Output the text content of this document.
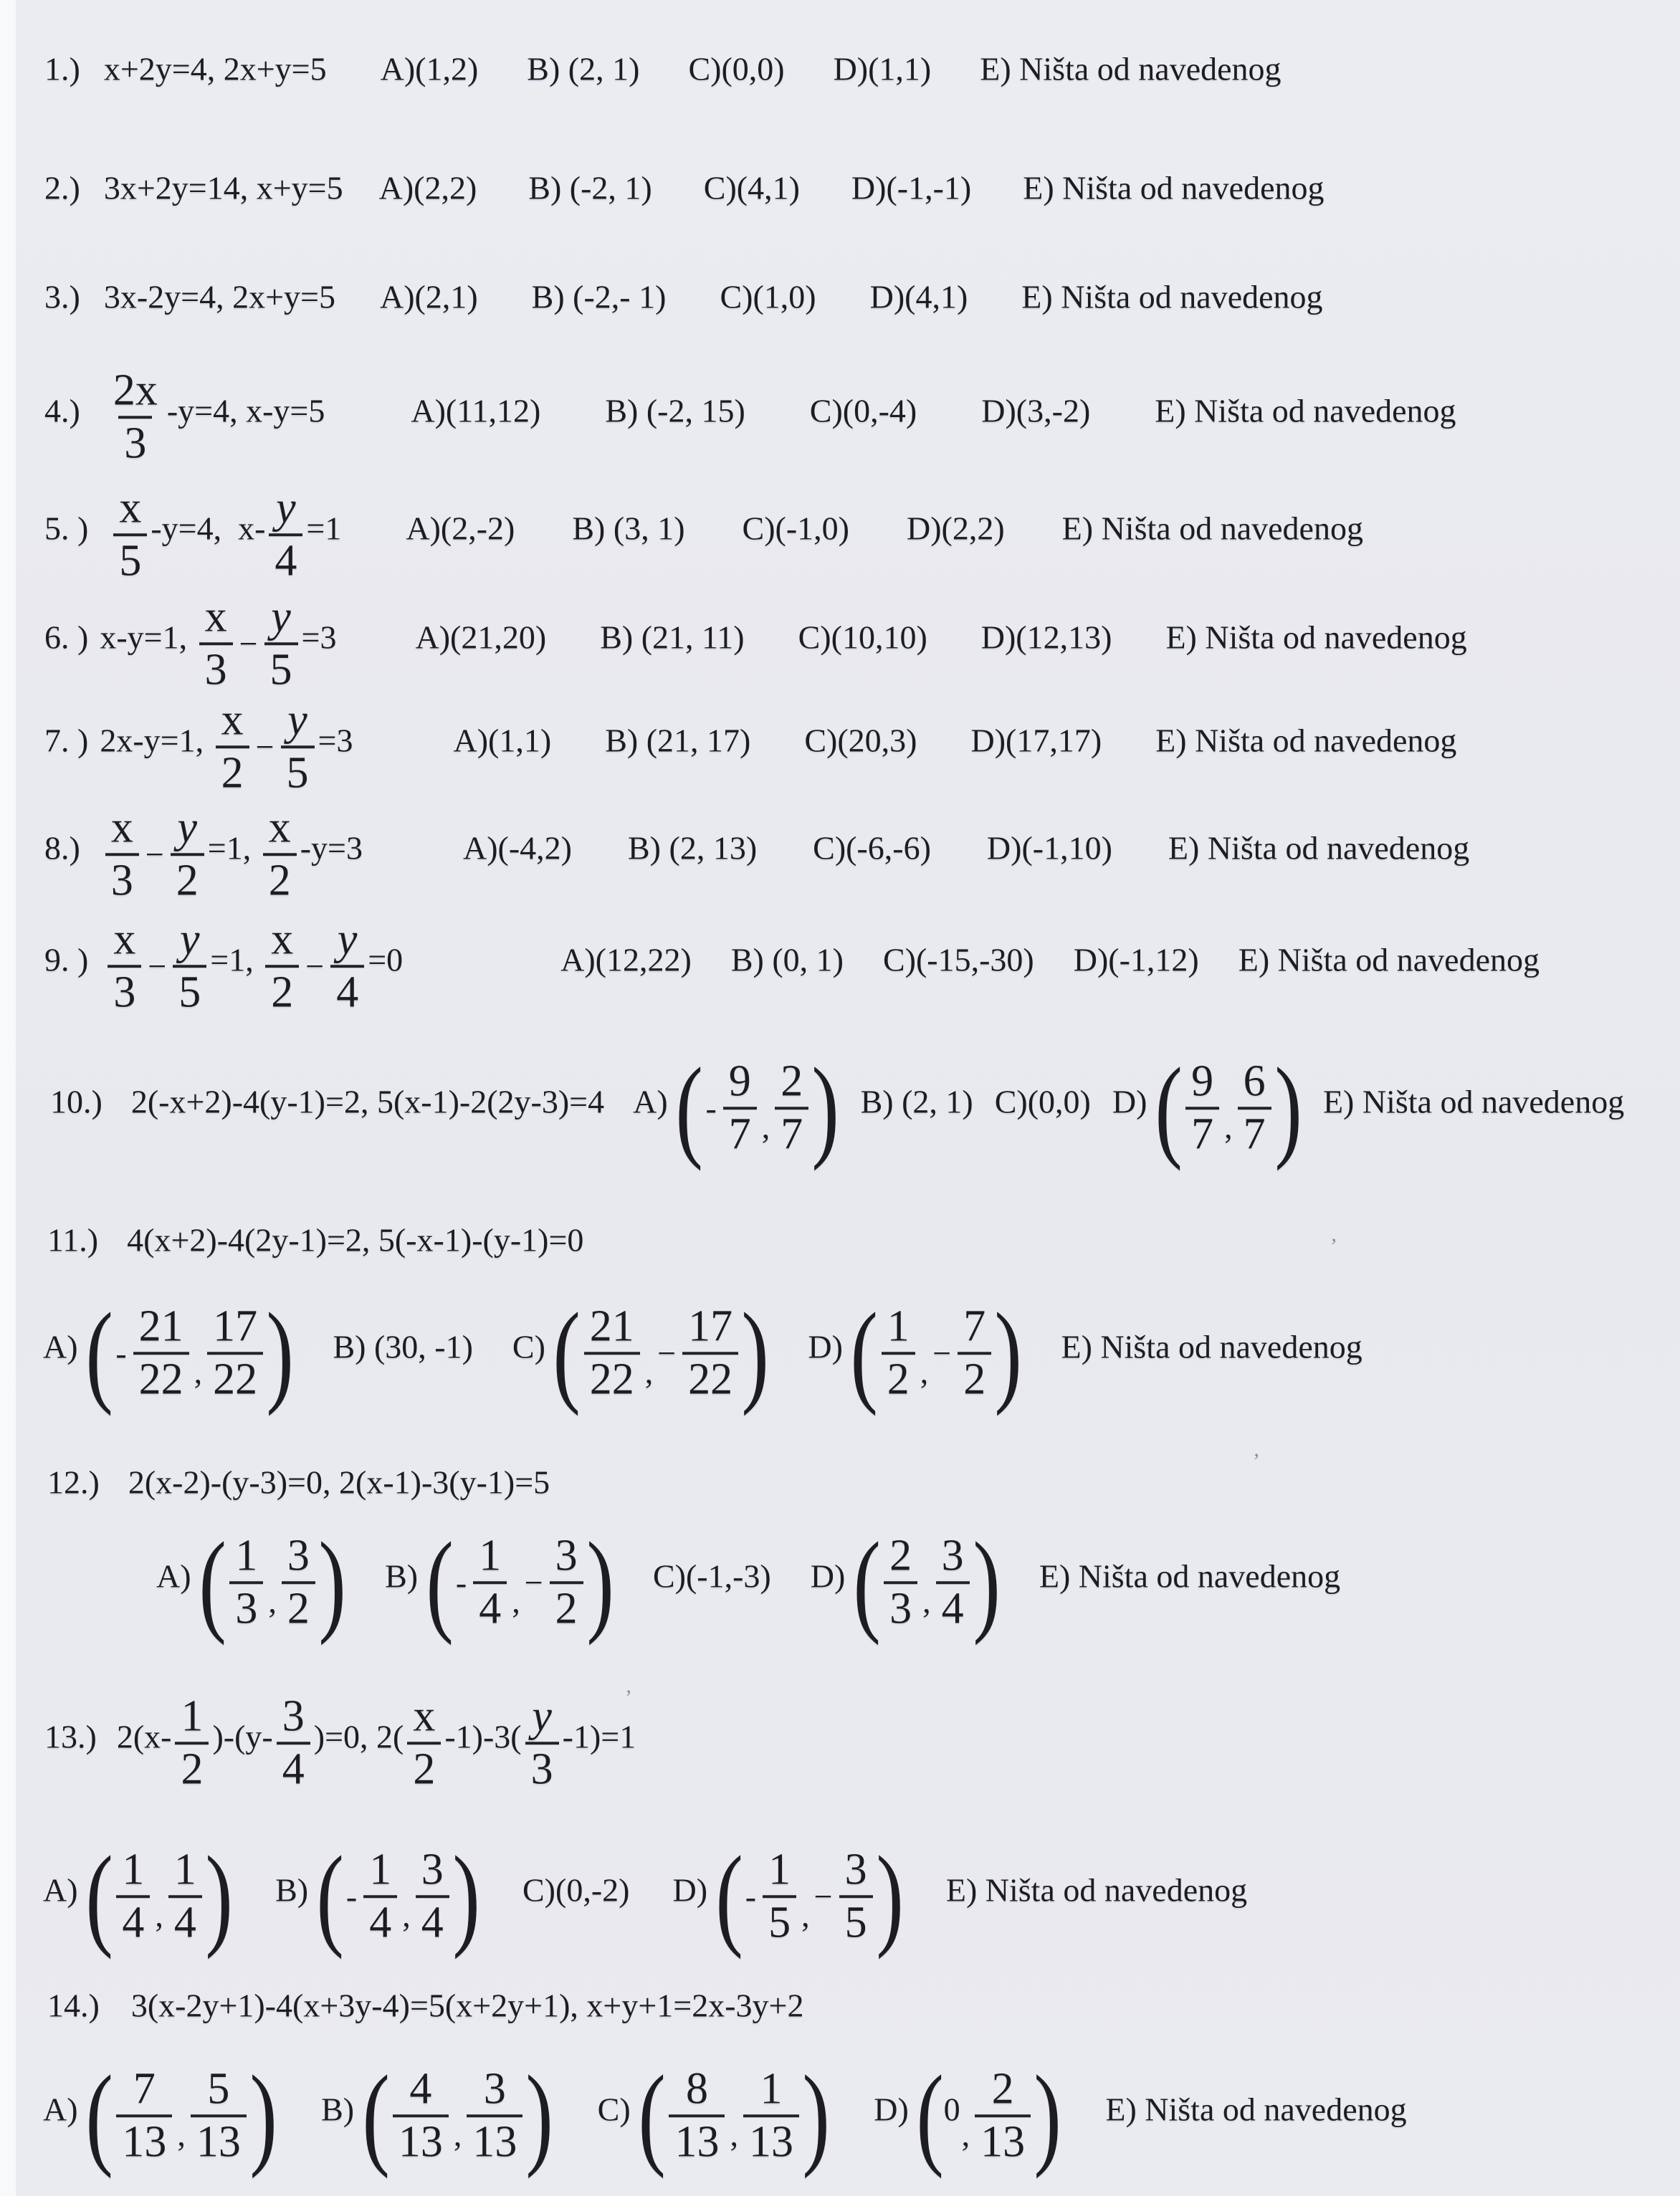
1.) x+2y=4, 2x+y=5 A)(1,2) B) (2, 1) C)(0,0) D)(1,1) E) Ništa od navedenog
2.) 3x+2y=14, x+y=5 A)(2,2) B) (-2, 1) C)(4,1) D)(-1,-1) E) Ništa od navedenog
3.) 3x-2y=4, 2x+y=5 A)(2,1) B) (-2,- 1) C)(1,0) D)(4,1) E) Ništa od navedenog
$4.) \frac{2x}{3} -y=4$, x-y=5	A)(11,12) B) (-2, 15) C)(0,-4) D)(3,-2) E) Ništa od navedenog
5. ) $\frac{x}{5} -y=4$,  $x- \frac{y}{4} =1$ A)(2,-2) B) (3, 1) C)(-1,0) D)(2,2) E) Ništa od navedenog
6. ) x-y=1, $\frac{x}{3} - \frac{y}{5} =3$ A)(21,20) B) (21, 11) C)(10,10) D)(12,13) E) Ništa od navedenog
7. ) 2x-y=1, $\frac{x}{2} - \frac{y}{5} =3$	A)(1,1) B) (21, 17) C)(20,3) D)(17,17) E) Ništa od navedenog
$8.) \frac{x}{3} - \frac{y}{2} =1$, $\frac{x}{2} -y=3$	A)(-4,2) B) (2, 13) C)(-6,-6) D)(-1,10) E) Ništa od navedenog
9. ) $\frac{x}{3} - \frac{y}{5} =1$, $\frac{x}{2} - \frac{y}{4} =0$	A)(12,22) B) (0, 1) C)(-15,-30) D)(-1,12) E) Ništa od navedenog
10.) 2(-x+2)-4(y-1)=2, 5(x-1)-2(2y-3)=4 A) ( - $\frac{9}{7}$ , $\frac{2}{7}$ ) B) (2, 1) C)(0,0) D) ( $\frac{9}{7}$ , $\frac{6}{7}$ ) E) Ništa od navedenog
11.) 4(x+2)-4(2y-1)=2, 5(-x-1)-(y-1)=0
A) ( - $\frac{21}{22}$ , $\frac{17}{22}$ ) B) (30, -1) C) ( $\frac{21}{22}$ ,
− $\frac{17}{22}$ ) D) ( $\frac{1}{2}$ ,
− $\frac{7}{2}$ ) E) Ništa od navedenog
12.) 2(x-2)-(y-3)=0, 2(x-1)-3(y-1)=5
A) ( $\frac{1}{3}$ , $\frac{3}{2}$ ) B) ( - $\frac{1}{4}$ ,
− $\frac{3}{2}$ ) C)(-1,-3) D) ( $\frac{2}{3}$ , $\frac{3}{4}$ ) E) Ništa od navedenog
13.) $2(x- \frac{1}{2} )-(y- \frac{3}{4} )=0$, $2( \frac{x}{2} -1)-3( \frac{y}{3} -1)=1$
A) ( $\frac{1}{4}$ , $\frac{1}{4}$ ) B) ( - $\frac{1}{4}$ , $\frac{3}{4}$ ) C)(0,-2) D) ( - $\frac{1}{5}$ ,
− $\frac{3}{5}$ ) E) Ništa od navedenog
14.) 3(x-2y+1)-4(x+3y-4)=5(x+2y+1), x+y+1=2x-3y+2
A) ( $\frac{7}{13}$ , $\frac{5}{13}$ ) B) ( $\frac{4}{13}$ , $\frac{3}{13}$ ) C) ( $\frac{8}{13}$ , $\frac{1}{13}$ ) D) ( 0
, $\frac{2}{13}$ ) E) Ništa od navedenog
’
’
’
